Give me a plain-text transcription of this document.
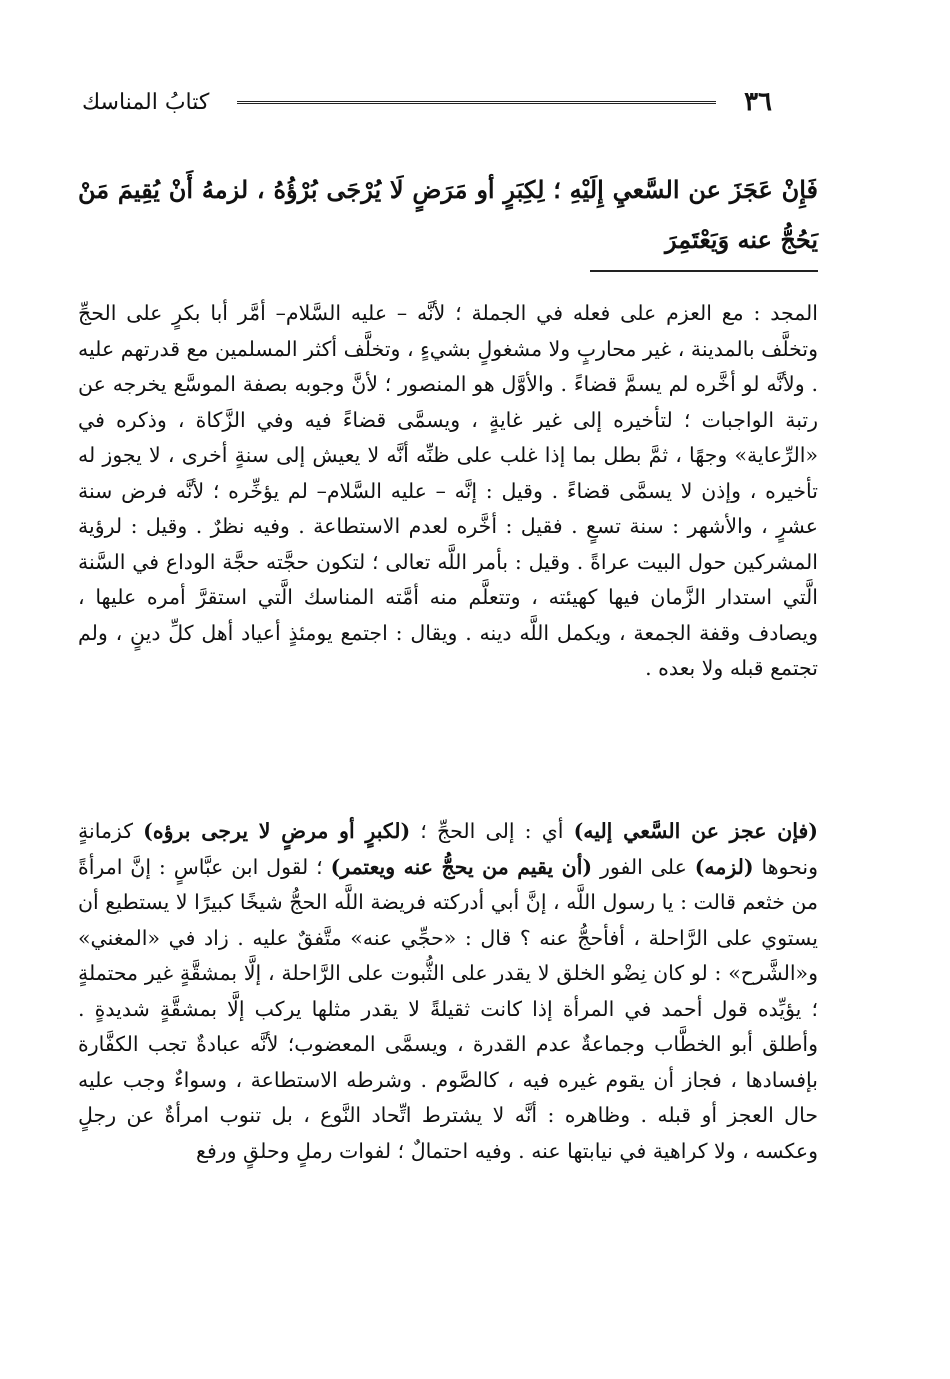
٣٦
كتابُ المناسك
فَإِنْ عَجَزَ عن السَّعيِ إِلَيْهِ ؛ لِكِبَرٍ أو مَرَضٍ لَا يُرْجَى بُرْؤُهُ ، لزمهُ أَنْ يُقِيمَ مَنْ يَحُجُّ عنه وَيَعْتَمِرَ

المجد : مع العزم على فعله في الجملة ؛ لأنَّه – عليه السَّلام– أمَّر أبا بكرٍ على الحجِّ وتخلَّف بالمدينة ، غير محاربٍ ولا مشغولٍ بشيءٍ ، وتخلَّف أكثر المسلمين مع قدرتهم عليه . ولأنَّه لو أخَّره لم يسمَّ قضاءً . والأوَّل هو المنصور ؛ لأنَّ وجوبه بصفة الموسَّع يخرجه عن رتبة الواجبات ؛ لتأخيره إلى غير غايةٍ ، ويسمَّى قضاءً فيه وفي الزَّكاة ، وذكره في «الرِّعاية» وجهًا ، ثمَّ بطل بما إذا غلب على ظنِّه أنَّه لا يعيش إلى سنةٍ أخرى ، لا يجوز له تأخيره ، وإذن لا يسمَّى قضاءً . وقيل : إنَّه – عليه السَّلام– لم يؤخِّره ؛ لأنَّه فرض سنة عشرٍ ، والأشهر : سنة تسعٍ . فقيل : أخَّره لعدم الاستطاعة . وفيه نظرٌ . وقيل : لرؤية المشركين حول البيت عراةً . وقيل : بأمر اللَّه تعالى ؛ لتكون حجَّته حجَّة الوداع في السَّنة الَّتي استدار الزَّمان فيها كهيئته ، وتتعلَّم منه أمَّته المناسك الَّتي استقرَّ أمره عليها ، ويصادف وقفة الجمعة ، ويكمل اللَّه دينه . ويقال : اجتمع يومئذٍ أعياد أهل كلِّ دينٍ ، ولم تجتمع قبله ولا بعده .

(فإن عجز عن السَّعي إليه) أي : إلى الحجِّ ؛ (لكبرٍ أو مرضٍ لا يرجى برؤه) كزمانةٍ ونحوها (لزمه) على الفور (أن يقيم من يحجُّ عنه ويعتمر) ؛ لقول ابن عبَّاسٍ : إنَّ امرأةً من خثعم قالت : يا رسول اللَّه ، إنَّ أبي أدركته فريضة اللَّه الحجُّ شيخًا كبيرًا لا يستطيع أن يستوي على الرَّاحلة ، أفأحجُّ عنه ؟ قال : «حجِّي عنه» متَّفقٌ عليه . زاد في «المغني» و«الشَّرح» : لو كان نِضْو الخلق لا يقدر على الثُّبوت على الرَّاحلة ، إلَّا بمشقَّةٍ غير محتملةٍ ؛ يؤيِّده قول أحمد في المرأة إذا كانت ثقيلةً لا يقدر مثلها يركب إلَّا بمشقَّةٍ شديدةٍ . وأطلق أبو الخطَّاب وجماعةٌ عدم القدرة ، ويسمَّى المعضوب؛ لأنَّه عبادةٌ تجب الكفَّارة بإفسادها ، فجاز أن يقوم غيره فيه ، كالصَّوم . وشرطه الاستطاعة ، وسواءٌ وجب عليه حال العجز أو قبله . وظاهره : أنَّه لا يشترط اتِّحاد النَّوع ، بل تنوب امرأةٌ عن رجلٍ وعكسه ، ولا كراهية في نيابتها عنه . وفيه احتمالٌ ؛ لفوات رملٍ وحلقٍ ورفع
